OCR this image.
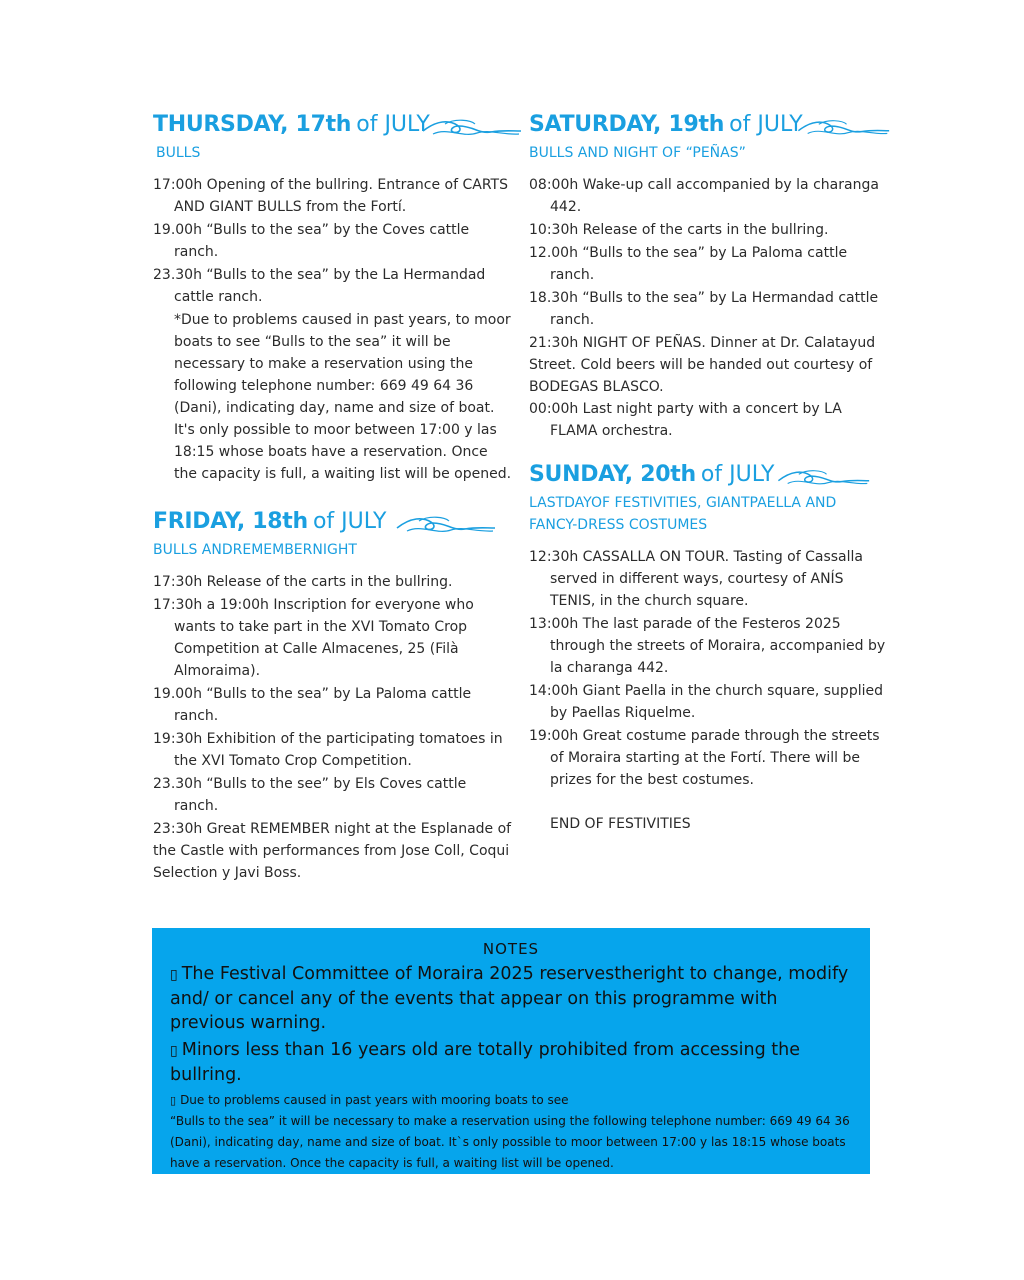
THURSDAY, 17th of JULY
BULLS
17:00h Opening of the bullring. Entrance of CARTS AND GIANT BULLS from the Fortí.
19.00h “Bulls to the sea” by the Coves cattle ranch.
23.30h “Bulls to the sea” by the La Hermandad cattle ranch.
*Due to problems caused in past years, to moor boats to see “Bulls to the sea” it will be necessary to make a reservation using the following telephone number: 669 49 64 36 (Dani), indicating day, name and size of boat. It's only possible to moor between 17:00 y las 18:15 whose boats have a reservation. Once the capacity is full, a waiting list will be opened.
FRIDAY, 18th of JULY
BULLS ANDREMEMBERNIGHT
17:30h Release of the carts in the bullring.
17:30h a 19:00h Inscription for everyone who wants to take part in the XVI Tomato Crop Competition at Calle Almacenes, 25 (Filà Almoraima).
19.00h “Bulls to the sea” by La Paloma cattle ranch.
19:30h Exhibition of the participating tomatoes in the XVI Tomato Crop Competition.
23.30h “Bulls to the see” by Els Coves cattle ranch.
23:30h Great REMEMBER night at the Esplanade of the Castle with performances from Jose Coll, Coqui Selection y Javi Boss.
SATURDAY, 19th of JULY
BULLS AND NIGHT OF “PEÑAS”
08:00h Wake-up call accompanied by la charanga 442.
10:30h Release of the carts in the bullring.
12.00h “Bulls to the sea” by La Paloma cattle ranch.
18.30h “Bulls to the sea” by La Hermandad cattle ranch.
21:30h NIGHT OF PEÑAS. Dinner at Dr. Calatayud Street. Cold beers will be handed out courtesy of BODEGAS BLASCO.
00:00h Last night party with a concert by LA FLAMA orchestra.
SUNDAY, 20th of JULY
LASTDAYOF FESTIVITIES, GIANTPAELLA AND FANCY-DRESS COSTUMES
12:30h CASSALLA ON TOUR. Tasting of Cassalla served in different ways, courtesy of ANÍS TENIS, in the church square.
13:00h The last parade of the Festeros 2025 through the streets of Moraira, accompanied by la charanga 442.
14:00h Giant Paella in the church square, supplied by Paellas Riquelme.
19:00h Great costume parade through the streets of Moraira starting at the Fortí. There will be prizes for the best costumes.
END OF FESTIVITIES
NOTES
▯ The Festival Committee of Moraira 2025 reservestheright to change, modify and/ or cancel any of the events that appear on this programme with previous warning.
▯ Minors less than 16 years old are totally prohibited from accessing the bullring.
▯ Due to problems caused in past years with mooring boats to see
“Bulls to the sea” it will be necessary to make a reservation using the following telephone number: 669 49 64 36 (Dani), indicating day, name and size of boat. It`s only possible to moor between 17:00 y las 18:15 whose boats have a reservation. Once the capacity is full, a waiting list will be opened.
